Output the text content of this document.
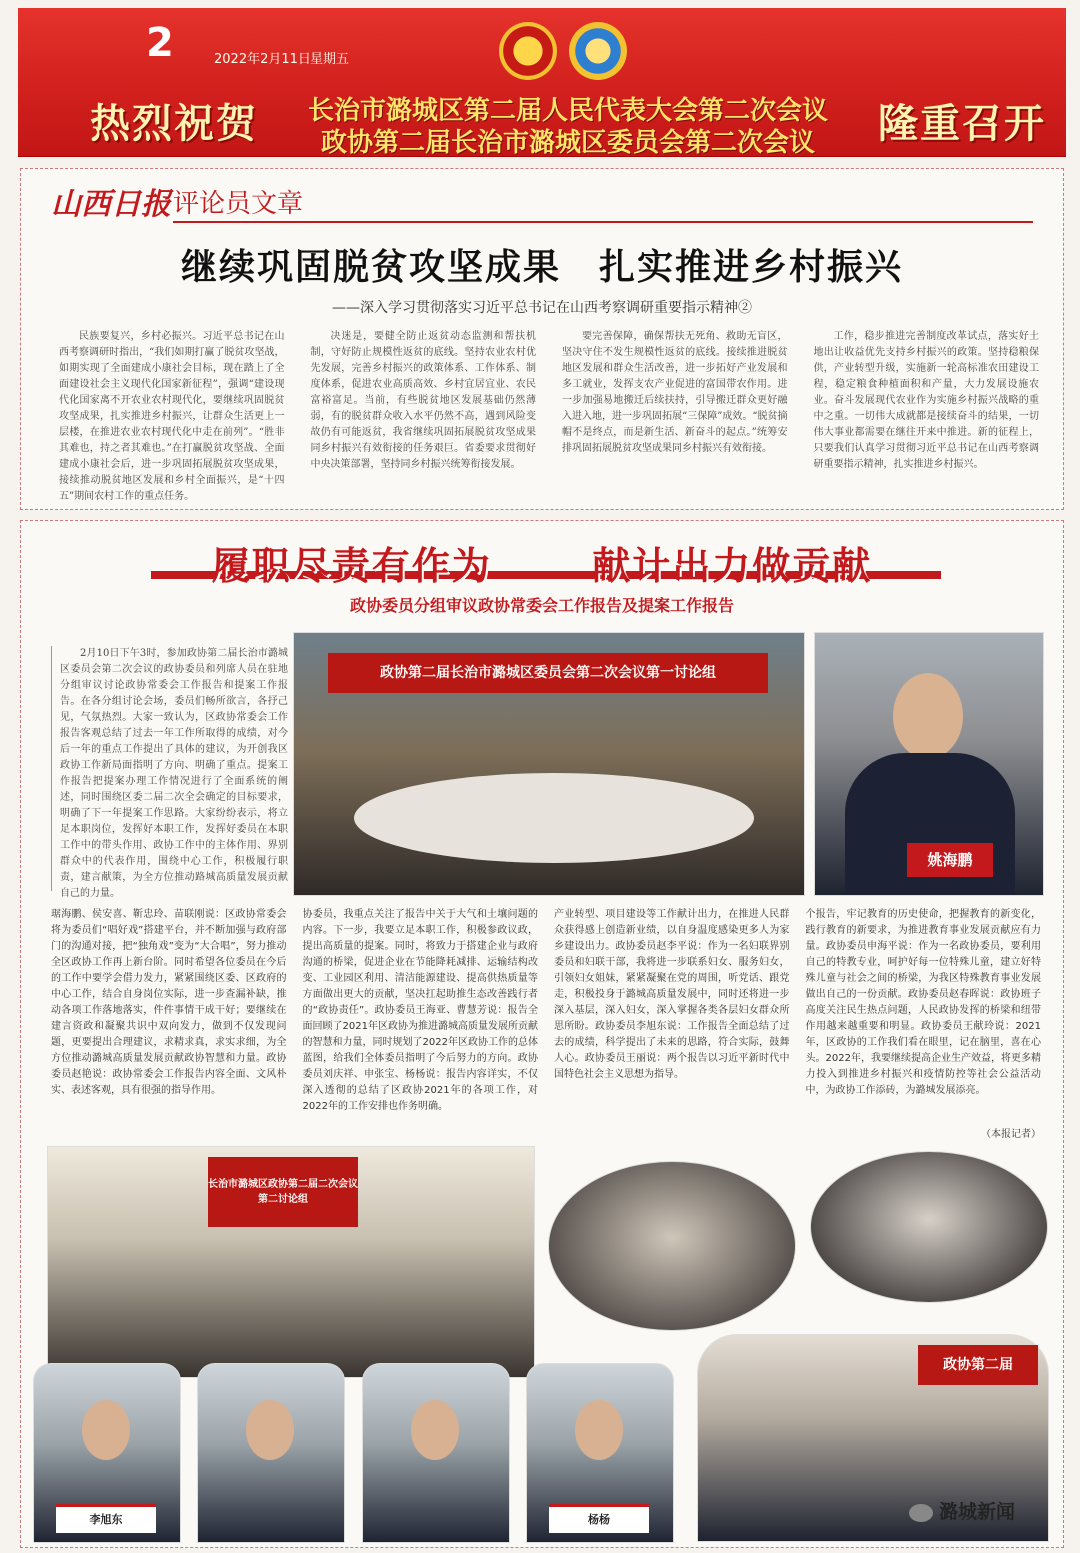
2	2022年2月11日 星期五
热烈祝贺 长治市潞城区第二届人民代表大会第二次会议
政协第二届长治市潞城区委员会第二次会议	隆重召开
山西日报 评论员文章
继续巩固脱贫攻坚成果　扎实推进乡村振兴
——深入学习贯彻落实习近平总书记在山西考察调研重要指示精神②

民族要复兴，乡村必振兴。习近平总书记在山西考察调研时指出，“我们如期打赢了脱贫攻坚战，如期实现了全面建成小康社会目标，现在踏上了全面建设社会主义现代化国家新征程”，强调“建设现代化国家离不开农业农村现代化，要继续巩固脱贫攻坚成果，扎实推进乡村振兴，让群众生活更上一层楼，在推进农业农村现代化中走在前列”。“胜非其难也，持之者其难也。”在打赢脱贫攻坚战、全面建成小康社会后，进一步巩固拓展脱贫攻坚成果，接续推动脱贫地区发展和乡村全面振兴，是“十四五”期间农村工作的重点任务。

决迷是，要健全防止返贫动态监测和帮扶机制，守好防止规模性返贫的底线。坚持农业农村优先发展，完善乡村振兴的政策体系、工作体系、制度体系，促进农业高质高效、乡村宜居宜业、农民富裕富足。当前，有些脱贫地区发展基础仍然薄弱，有的脱贫群众收入水平仍然不高，遇到风险变故仍有可能返贫，我省继续巩固拓展脱贫攻坚成果同乡村振兴有效衔接的任务艰巨。省委要求贯彻好中央决策部署，坚持同乡村振兴统筹衔接发展。

要完善保障，确保帮扶无死角、救助无盲区，坚决守住不发生规模性返贫的底线。接续推进脱贫地区发展和群众生活改善，进一步拓好产业发展和多工就业，发挥支农产业促进的富国带农作用。进一步加强易地搬迁后续扶持，引导搬迁群众更好融入进入地，进一步巩固拓展“三保障”成效。“脱贫摘帽不是终点，而是新生活、新奋斗的起点。”统筹安排巩固拓展脱贫攻坚成果同乡村振兴有效衔接。

工作，稳步推进完善制度改革试点，落实好土地出让收益优先支持乡村振兴的政策。坚持稳粮保供，产业转型升级，实施新一轮高标准农田建设工程，稳定粮食种植面积和产量，大力发展设施农业。奋斗发展现代农业作为实施乡村振兴战略的重中之重。一切伟大成就都是接续奋斗的结果，一切伟大事业都需要在继往开来中推进。新的征程上，只要我们认真学习贯彻习近平总书记在山西考察调研重要指示精神，扎实推进乡村振兴。

履职尽责有作为	献计出力做贡献
政协委员分组审议政协常委会工作报告及提案工作报告
2月10日下午3时，参加政协第二届长治市潞城区委员会第二次会议的政协委员和列席人员在驻地分组审议讨论政协常委会工作报告和提案工作报告。在各分组讨论会场，委员们畅所欲言，各抒己见，气氛热烈。大家一致认为，区政协常委会工作报告客观总结了过去一年工作所取得的成绩，对今后一年的重点工作提出了具体的建议，为开创我区政协工作新局面指明了方向、明确了重点。提案工作报告把提案办理工作情况进行了全面系统的阐述，同时围绕区委二届二次全会确定的目标要求，明确了下一年提案工作思路。大家纷纷表示，将立足本职岗位，发挥好本职工作，发挥好委员在本职工作中的带头作用、政协工作中的主体作用、界别群众中的代表作用，围绕中心工作，积极履行职责，建言献策，为全方位推动路城高质量发展贡献自己的力量。
政协第二届长治市潞城区委员会第二次会议第一讨论组
姚海鹏

琚海鹏、侯安喜、靳忠玲、苗联刚说：区政协常委会将为委员们“唱好戏”搭建平台，并不断加强与政府部门的沟通对接，把“独角戏”变为“大合唱”，努力推动全区政协工作再上新台阶。同时希望各位委员在今后的工作中要学会借力发力，紧紧围绕区委、区政府的中心工作，结合自身岗位实际，进一步查漏补缺，推动各项工作落地落实，件件事情干成干好；要继续在建言资政和凝聚共识中双向发力，做到不仅发现问题，更要提出合理建议，求精求真，求实求细，为全方位推动潞城高质量发展贡献政协智慧和力量。政协委员赵艳说：政协常委会工作报告内容全面、文风朴实、表述客观，具有很强的指导作用。

协委员，我重点关注了报告中关于大气和土壤问题的内容。下一步，我要立足本职工作，积极参政议政，提出高质量的提案。同时，将致力于搭建企业与政府沟通的桥梁，促进企业在节能降耗减排、运输结构改变、工业园区利用、清洁能源建设、提高供热质量等方面做出更大的贡献，坚决扛起助推生态改善践行者的“政协责任”。政协委员王海亚、曹慧芳说：报告全面回顾了2021年区政协为推进潞城高质量发展所贡献的智慧和力量，同时规划了2022年区政协工作的总体蓝图，给我们全体委员指明了今后努力的方向。政协委员刘庆祥、申张宝、杨杨说：报告内容详实，不仅深入透彻的总结了区政协2021年的各项工作，对2022年的工作安排也作务明确。

产业转型、项目建设等工作献计出力，在推进人民群众获得感上创造新业绩，以自身温度感染更多人为家乡建设出力。政协委员赵李平说：作为一名妇联界别委员和妇联干部，我将进一步联系妇女、服务妇女，引领妇女姐妹，紧紧凝聚在党的周围，听党话、跟党走，积极投身于潞城高质量发展中，同时还将进一步深入基层，深入妇女，深入掌握各类各层妇女群众所思所盼。政协委员李旭东说：工作报告全面总结了过去的成绩，科学提出了未来的思路，符合实际，鼓舞人心。政协委员王丽说：两个报告以习近平新时代中国特色社会主义思想为指导。

个报告，牢记教育的历史使命，把握教育的新变化，践行教育的新要求，为推进教育事业发展贡献应有力量。政协委员申海平说：作为一名政协委员，要利用自己的特教专业，呵护好每一位特殊儿童，建立好特殊儿童与社会之间的桥梁，为我区特殊教育事业发展做出自己的一份贡献。政协委员赵春晖说：政协班子高度关注民生热点问题，人民政协发挥的桥梁和纽带作用越来越重要和明显。政协委员王献玲说：2021年，区政协的工作我们看在眼里，记在脑里，喜在心头。2022年，我要继续提高企业生产效益，将更多精力投入到推进乡村振兴和疫情防控等社会公益活动中，为政协工作添砖，为潞城发展添亮。

（本报记者）
长治市潞城区政协第二届二次会议第二讨论组
政协第二届
李旭东	杨杨	潞城新闻
